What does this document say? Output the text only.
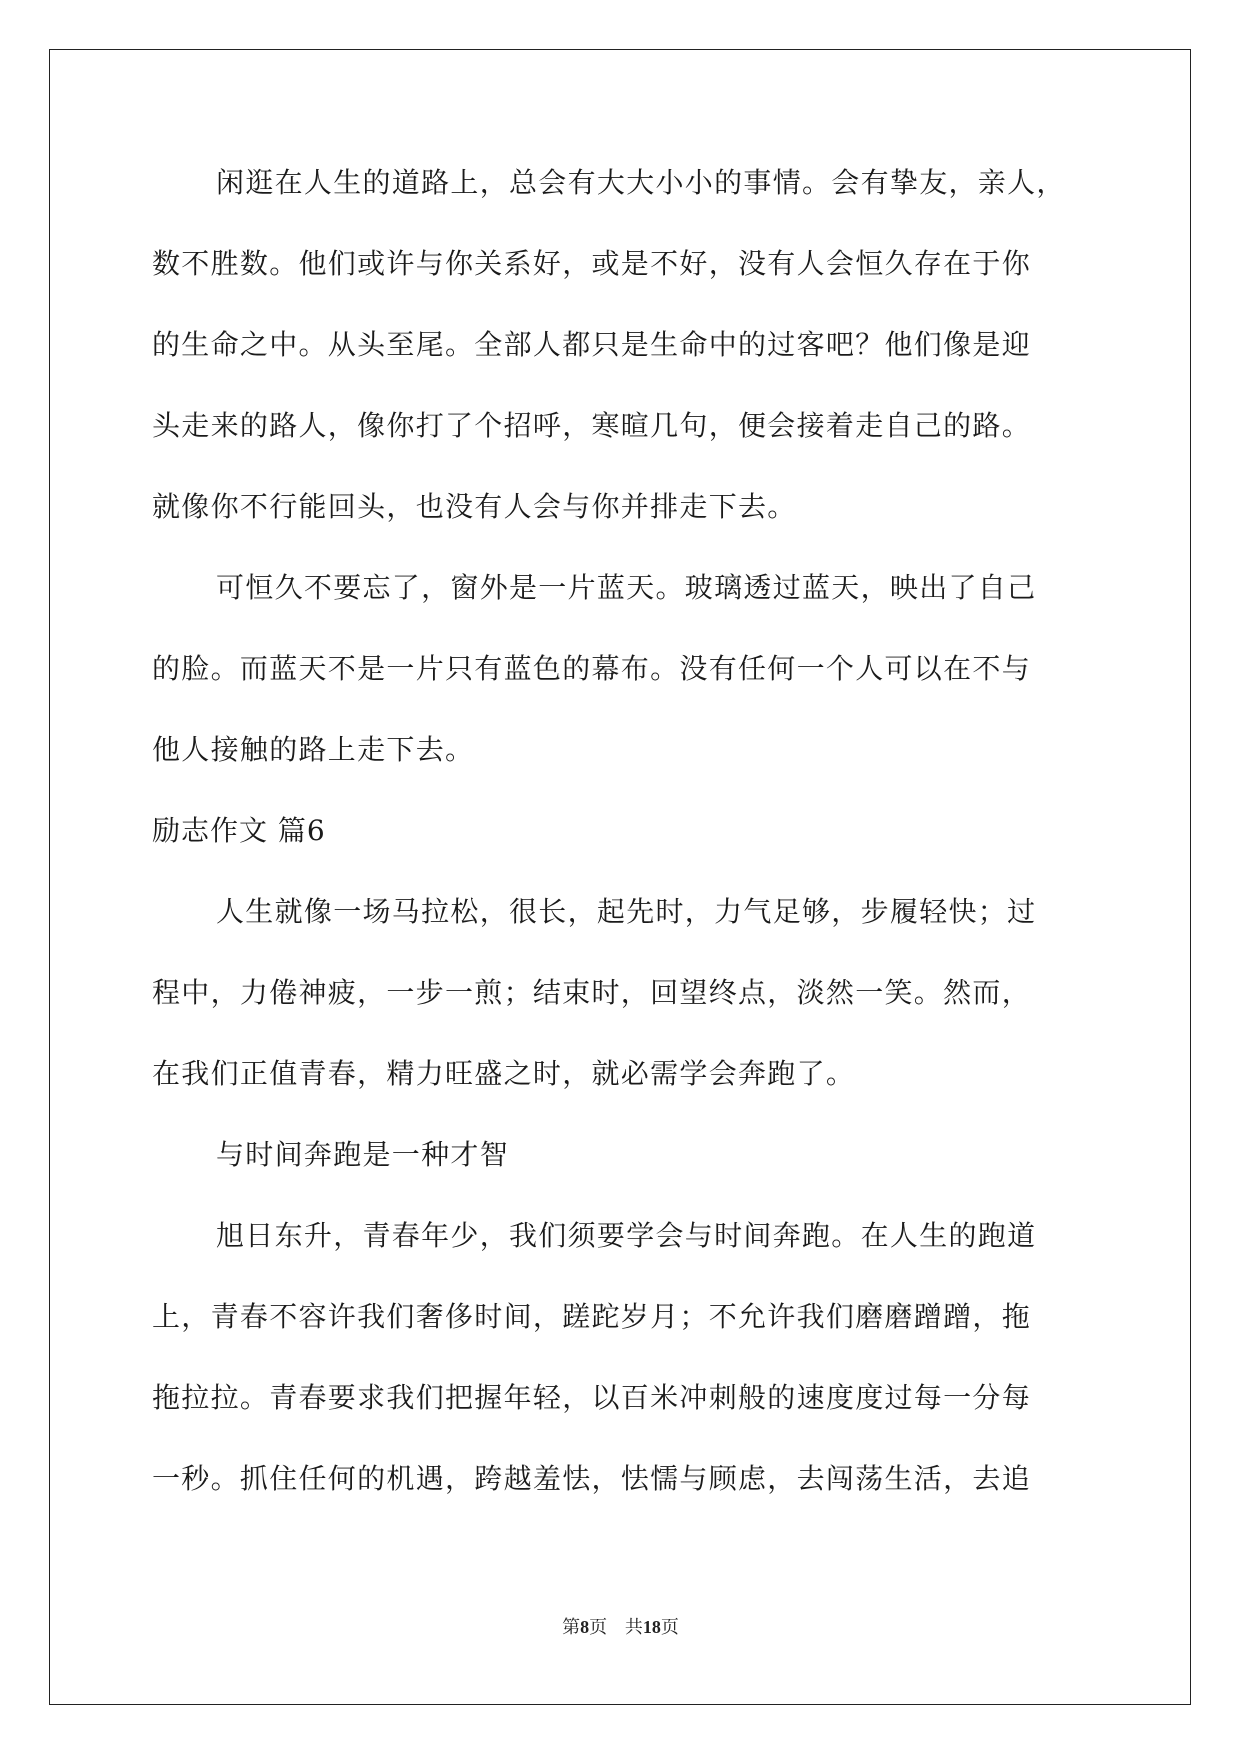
闲逛在人生的道路上，总会有大大小小的事情。会有挚友，亲人，
数不胜数。他们或许与你关系好，或是不好，没有人会恒久存在于你
的生命之中。从头至尾。全部人都只是生命中的过客吧？他们像是迎
头走来的路人，像你打了个招呼，寒暄几句，便会接着走自己的路。
就像你不行能回头，也没有人会与你并排走下去。
可恒久不要忘了，窗外是一片蓝天。玻璃透过蓝天，映出了自己
的脸。而蓝天不是一片只有蓝色的幕布。没有任何一个人可以在不与
他人接触的路上走下去。
励志作文 篇6
人生就像一场马拉松，很长，起先时，力气足够，步履轻快；过
程中，力倦神疲，一步一煎；结束时，回望终点，淡然一笑。然而，
在我们正值青春，精力旺盛之时，就必需学会奔跑了。
与时间奔跑是一种才智
旭日东升，青春年少，我们须要学会与时间奔跑。在人生的跑道
上，青春不容许我们奢侈时间，蹉跎岁月；不允许我们磨磨蹭蹭，拖
拖拉拉。青春要求我们把握年轻，以百米冲刺般的速度度过每一分每
一秒。抓住任何的机遇，跨越羞怯，怯懦与顾虑，去闯荡生活，去追
第8页 共18页
